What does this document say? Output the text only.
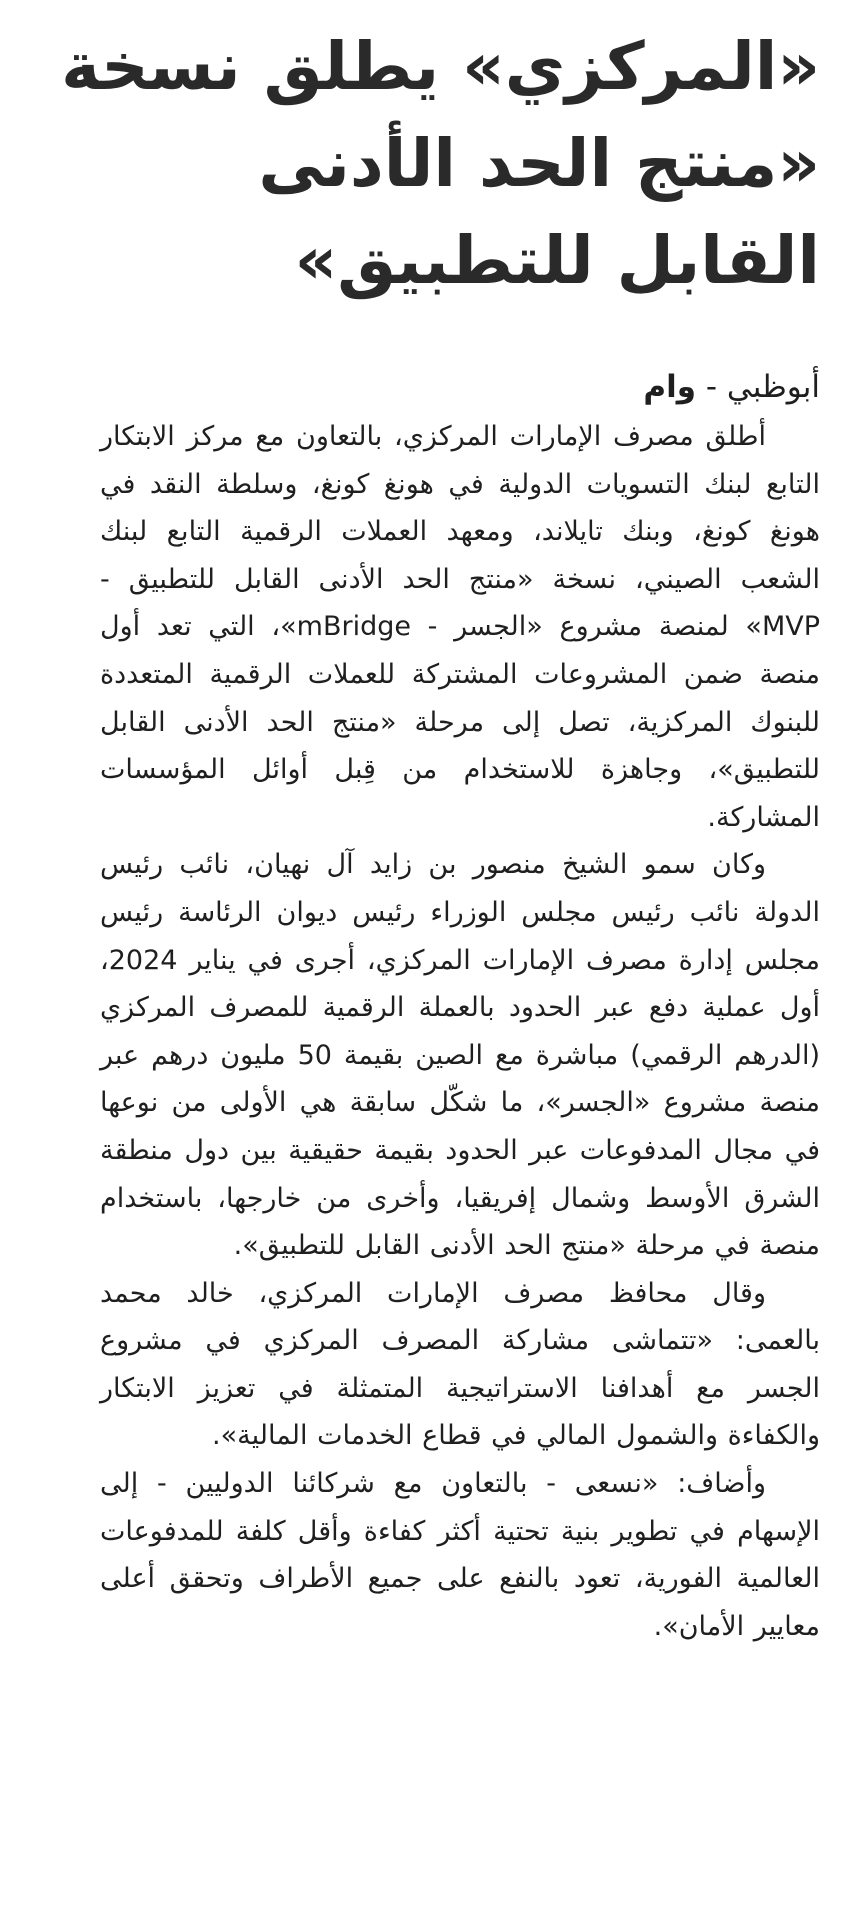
«المركزي» يطلق نسخة
«منتج الحد الأدنى
القابل للتطبيق»
أبوظبي - وام

أطلق مصرف الإمارات المركزي، بالتعاون مع مركز الابتكار التابع لبنك التسويات الدولية في هونغ كونغ، وسلطة النقد في هونغ كونغ، وبنك تايلاند، ومعهد العملات الرقمية التابع لبنك الشعب الصيني، نسخة «منتج الحد الأدنى القابل للتطبيق - MVP» لمنصة مشروع «الجسر - mBridge»، التي تعد أول منصة ضمن المشروعات المشتركة للعملات الرقمية المتعددة للبنوك المركزية، تصل إلى مرحلة «منتج الحد الأدنى القابل للتطبيق»، وجاهزة للاستخدام من قِبل أوائل المؤسسات المشاركة.

وكان سمو الشيخ منصور بن زايد آل نهيان، نائب رئيس الدولة نائب رئيس مجلس الوزراء رئيس ديوان الرئاسة رئيس مجلس إدارة مصرف الإمارات المركزي، أجرى في يناير 2024، أول عملية دفع عبر الحدود بالعملة الرقمية للمصرف المركزي (الدرهم الرقمي) مباشرة مع الصين بقيمة 50 مليون درهم عبر منصة مشروع «الجسر»، ما شكّل سابقة هي الأولى من نوعها في مجال المدفوعات عبر الحدود بقيمة حقيقية بين دول منطقة الشرق الأوسط وشمال إفريقيا، وأخرى من خارجها، باستخدام منصة في مرحلة «منتج الحد الأدنى القابل للتطبيق».

وقال محافظ مصرف الإمارات المركزي، خالد محمد بالعمى: «تتماشى مشاركة المصرف المركزي في مشروع الجسر مع أهدافنا الاستراتيجية المتمثلة في تعزيز الابتكار والكفاءة والشمول المالي في قطاع الخدمات المالية».

وأضاف: «نسعى - بالتعاون مع شركائنا الدوليين - إلى الإسهام في تطوير بنية تحتية أكثر كفاءة وأقل كلفة للمدفوعات العالمية الفورية، تعود بالنفع على جميع الأطراف وتحقق أعلى معايير الأمان».
